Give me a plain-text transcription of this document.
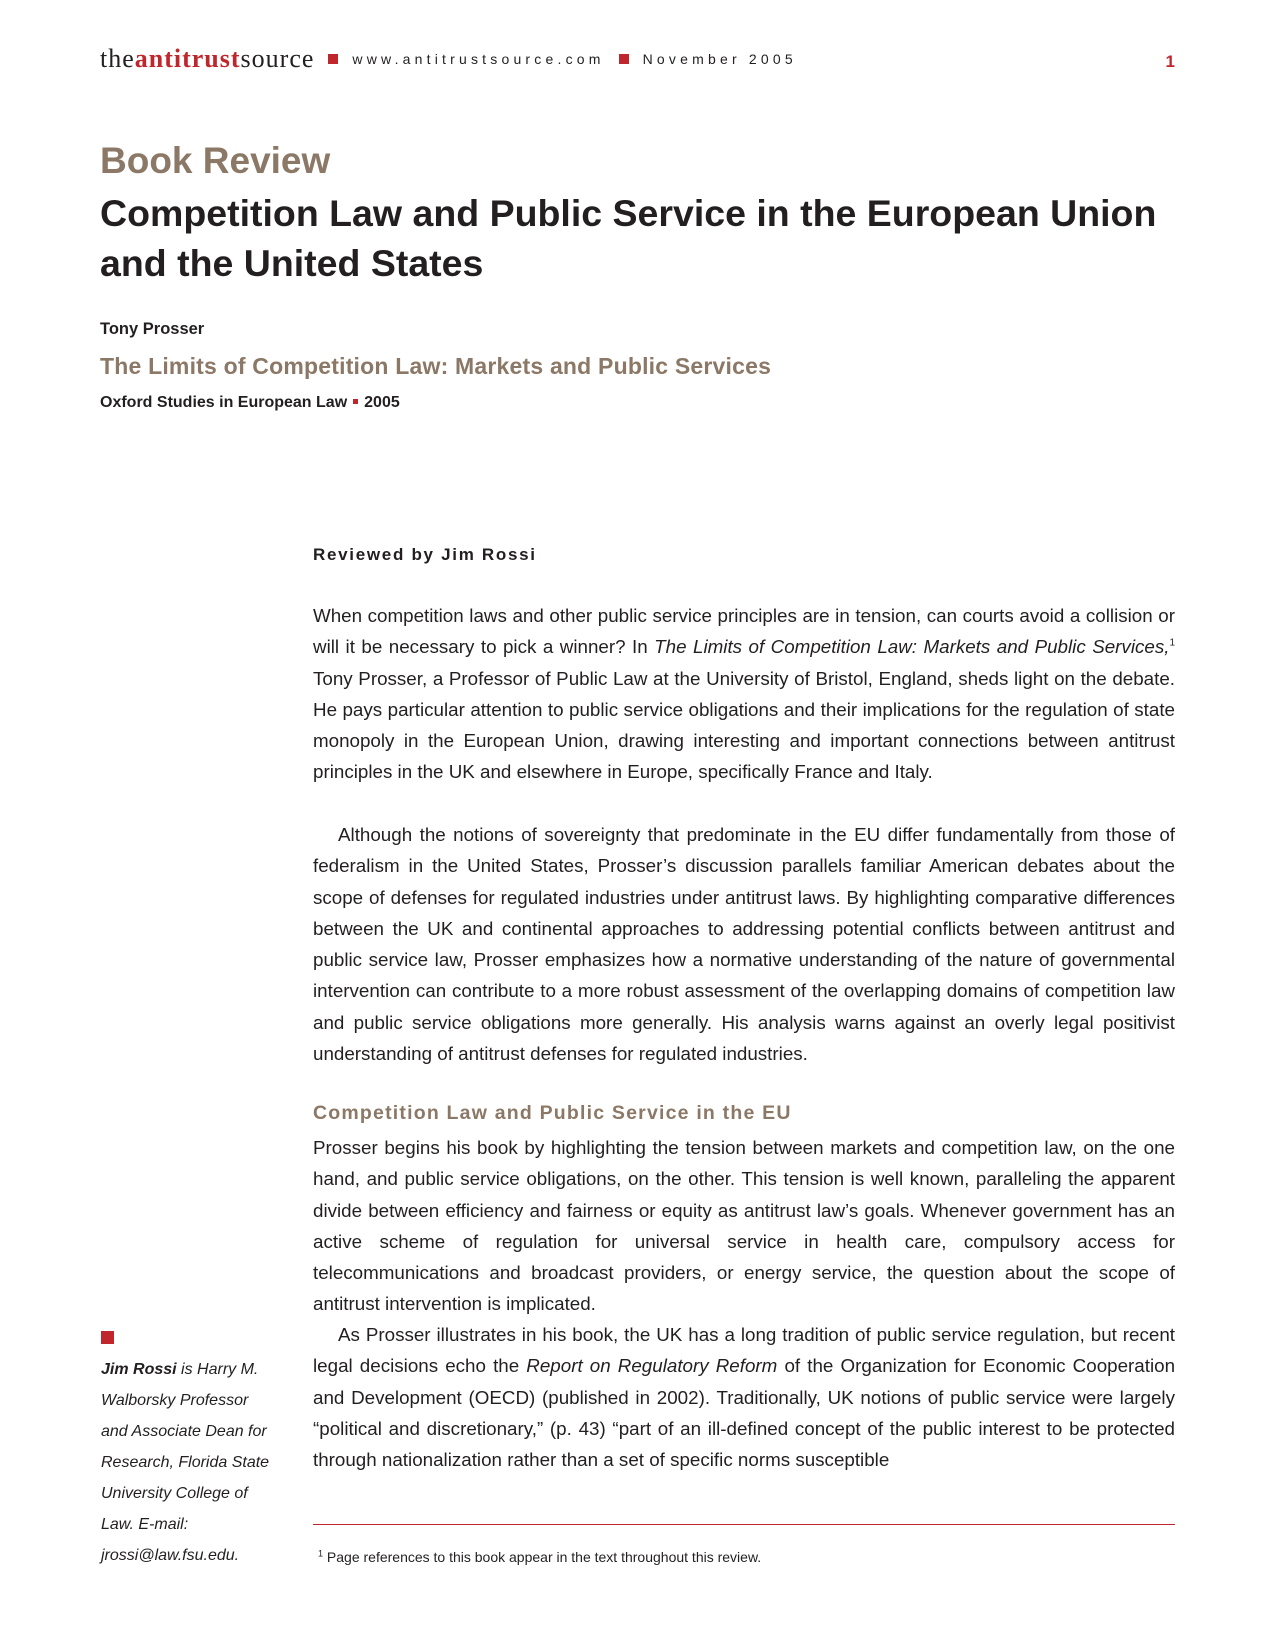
theantitrustsource	www.antitrustsource.com	November 2005	1
Book Review
Competition Law and Public Service in the European Union and the United States
Tony Prosser
The Limits of Competition Law: Markets and Public Services
Oxford Studies in European Law 2005
Reviewed by Jim Rossi

When competition laws and other public service principles are in tension, can courts avoid a collision or will it be necessary to pick a winner? In The Limits of Competition Law: Markets and Public Services,$^1$ Tony Prosser, a Professor of Public Law at the University of Bristol, England, sheds light on the debate. He pays particular attention to public service obligations and their implications for the regulation of state monopoly in the European Union, drawing interesting and important connections between antitrust principles in the UK and elsewhere in Europe, specifically France and Italy.

Although the notions of sovereignty that predominate in the EU differ fundamentally from those of federalism in the United States, Prosser’s discussion parallels familiar American debates about the scope of defenses for regulated industries under antitrust laws. By highlighting comparative differences between the UK and continental approaches to addressing potential conflicts between antitrust and public service law, Prosser emphasizes how a normative understanding of the nature of governmental intervention can contribute to a more robust assessment of the overlapping domains of competition law and public service obligations more generally. His analysis warns against an overly legal positivist understanding of antitrust defenses for regulated industries.

Competition Law and Public Service in the EU

Prosser begins his book by highlighting the tension between markets and competition law, on the one hand, and public service obligations, on the other. This tension is well known, paralleling the apparent divide between efficiency and fairness or equity as antitrust law’s goals. Whenever government has an active scheme of regulation for universal service in health care, compulsory access for telecommunications and broadcast providers, or energy service, the question about the scope of antitrust intervention is implicated.

As Prosser illustrates in his book, the UK has a long tradition of public service regulation, but recent legal decisions echo the Report on Regulatory Reform of the Organization for Economic Cooperation and Development (OECD) (published in 2002). Traditionally, UK notions of public service were largely “political and discretionary,” (p. 43) “part of an ill-defined concept of the public interest to be protected through nationalization rather than a set of specific norms susceptible

Jim Rossi is Harry M. Walborsky Professor and Associate Dean for Research, Florida State University College of Law. E-mail: jrossi@law.fsu.edu.	$^1$ Page references to this book appear in the text throughout this review.
